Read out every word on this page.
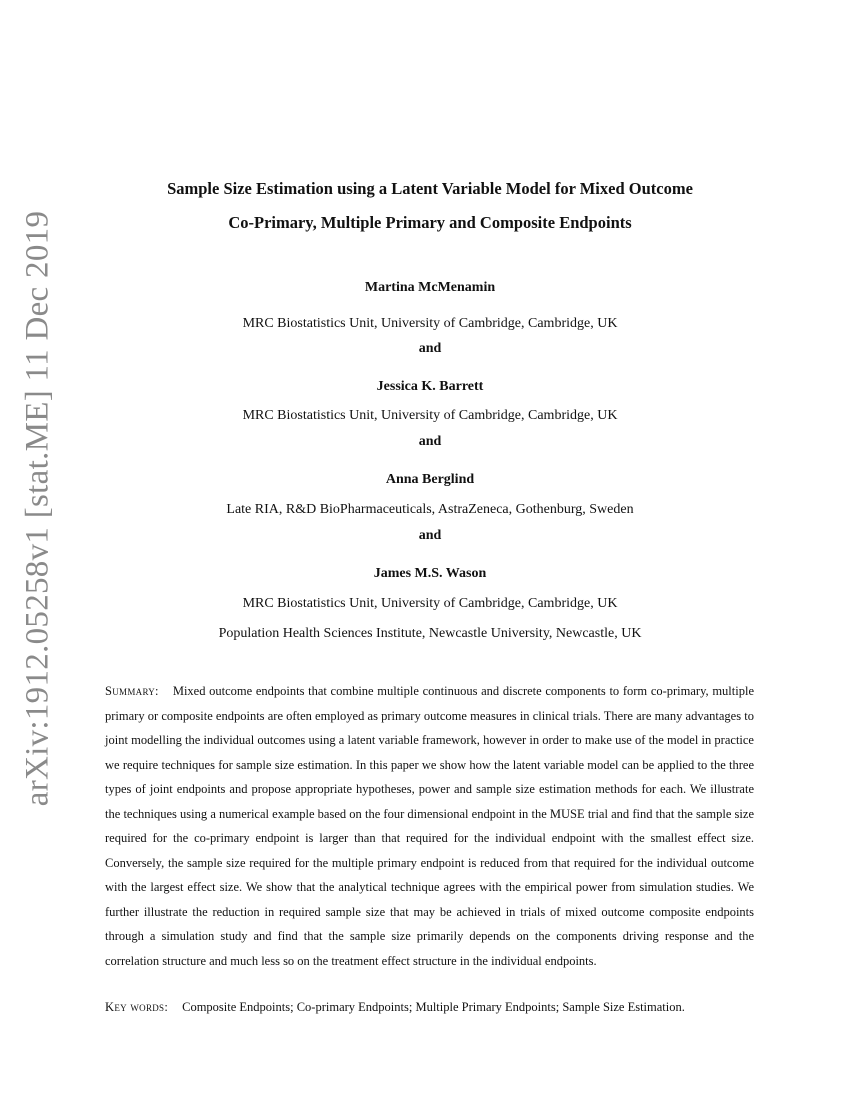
arXiv:1912.05258v1 [stat.ME] 11 Dec 2019
Sample Size Estimation using a Latent Variable Model for Mixed Outcome
Co-Primary, Multiple Primary and Composite Endpoints
Martina McMenamin
MRC Biostatistics Unit, University of Cambridge, Cambridge, UK
and
Jessica K. Barrett
MRC Biostatistics Unit, University of Cambridge, Cambridge, UK
and
Anna Berglind
Late RIA, R&D BioPharmaceuticals, AstraZeneca, Gothenburg, Sweden
and
James M.S. Wason
MRC Biostatistics Unit, University of Cambridge, Cambridge, UK
Population Health Sciences Institute, Newcastle University, Newcastle, UK
Summary: Mixed outcome endpoints that combine multiple continuous and discrete components to form co-primary, multiple primary or composite endpoints are often employed as primary outcome measures in clinical trials. There are many advantages to joint modelling the individual outcomes using a latent variable framework, however in order to make use of the model in practice we require techniques for sample size estimation. In this paper we show how the latent variable model can be applied to the three types of joint endpoints and propose appropriate hypotheses, power and sample size estimation methods for each. We illustrate the techniques using a numerical example based on the four dimensional endpoint in the MUSE trial and find that the sample size required for the co-primary endpoint is larger than that required for the individual endpoint with the smallest effect size. Conversely, the sample size required for the multiple primary endpoint is reduced from that required for the individual outcome with the largest effect size. We show that the analytical technique agrees with the empirical power from simulation studies. We further illustrate the reduction in required sample size that may be achieved in trials of mixed outcome composite endpoints through a simulation study and find that the sample size primarily depends on the components driving response and the correlation structure and much less so on the treatment effect structure in the individual endpoints.
Key words: Composite Endpoints; Co-primary Endpoints; Multiple Primary Endpoints; Sample Size Estimation.
